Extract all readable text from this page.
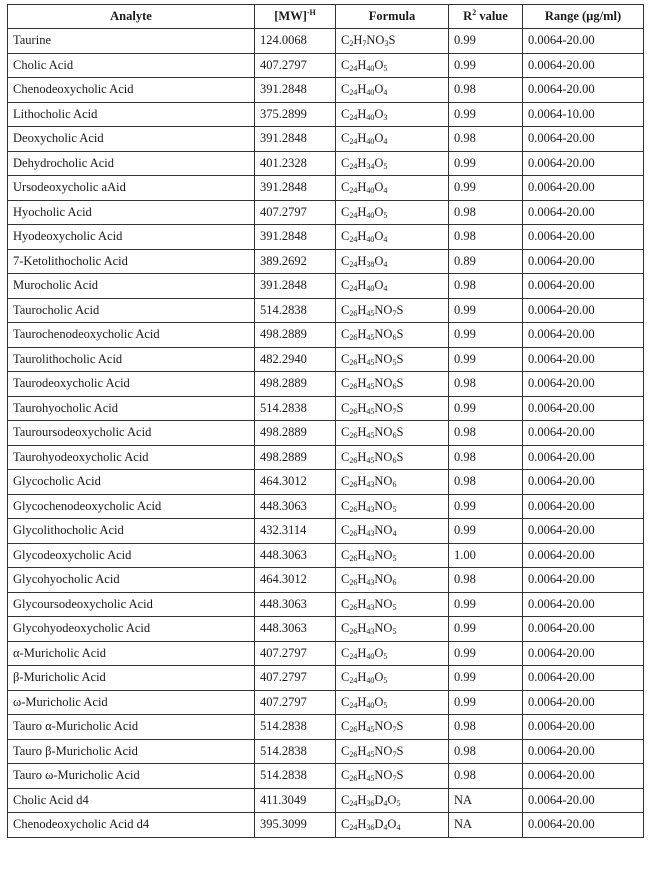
Analyte	[MW]$^{-H}$	Formula	$R^2$ value	Range (µg/ml)
Taurine	124.0068	$C_2H_7NO_3S$	0.99	0.0064-20.00
Cholic Acid	407.2797	$C_{24}H_{40}O_5$	0.99	0.0064-20.00
Chenodeoxycholic Acid	391.2848	$C_{24}H_{40}O_4$	0.98	0.0064-20.00
Lithocholic Acid	375.2899	$C_{24}H_{40}O_3$	0.99	0.0064-10.00
Deoxycholic Acid	391.2848	$C_{24}H_{40}O_4$	0.98	0.0064-20.00
Dehydrocholic Acid	401.2328	$C_{24}H_{34}O_5$	0.99	0.0064-20.00
Ursodeoxycholic aAid	391.2848	$C_{24}H_{40}O_4$	0.99	0.0064-20.00
Hyocholic Acid	407.2797	$C_{24}H_{40}O_5$	0.98	0.0064-20.00
Hyodeoxycholic Acid	391.2848	$C_{24}H_{40}O_4$	0.98	0.0064-20.00
7-Ketolithocholic Acid	389.2692	$C_{24}H_{38}O_4$	0.89	0.0064-20.00
Murocholic Acid	391.2848	$C_{24}H_{40}O_4$	0.98	0.0064-20.00
Taurocholic Acid	514.2838	$C_{26}H_{45}NO_7S$	0.99	0.0064-20.00
Taurochenodeoxycholic Acid	498.2889	$C_{26}H_{45}NO_6S$	0.99	0.0064-20.00
Taurolithocholic Acid	482.2940	$C_{26}H_{45}NO_5S$	0.99	0.0064-20.00
Taurodeoxycholic Acid	498.2889	$C_{26}H_{45}NO_6S$	0.98	0.0064-20.00
Taurohyocholic Acid	514.2838	$C_{26}H_{45}NO_7S$	0.99	0.0064-20.00
Tauroursodeoxycholic Acid	498.2889	$C_{26}H_{45}NO_6S$	0.98	0.0064-20.00
Taurohyodeoxycholic Acid	498.2889	$C_{26}H_{45}NO_6S$	0.98	0.0064-20.00
Glycocholic Acid	464.3012	$C_{26}H_{43}NO_6$	0.98	0.0064-20.00
Glycochenodeoxycholic Acid	448.3063	$C_{26}H_{43}NO_5$	0.99	0.0064-20.00
Glycolithocholic Acid	432.3114	$C_{26}H_{43}NO_4$	0.99	0.0064-20.00
Glycodeoxycholic Acid	448.3063	$C_{26}H_{43}NO_5$	1.00	0.0064-20.00
Glycohyocholic Acid	464.3012	$C_{26}H_{43}NO_6$	0.98	0.0064-20.00
Glycoursodeoxycholic Acid	448.3063	$C_{26}H_{43}NO_5$	0.99	0.0064-20.00
Glycohyodeoxycholic Acid	448.3063	$C_{26}H_{43}NO_5$	0.99	0.0064-20.00
α-Muricholic Acid	407.2797	$C_{24}H_{40}O_5$	0.99	0.0064-20.00
β-Muricholic Acid	407.2797	$C_{24}H_{40}O_5$	0.99	0.0064-20.00
ω-Muricholic Acid	407.2797	$C_{24}H_{40}O_5$	0.99	0.0064-20.00
Tauro α-Muricholic Acid	514.2838	$C_{26}H_{45}NO_7S$	0.98	0.0064-20.00
Tauro β-Muricholic Acid	514.2838	$C_{26}H_{45}NO_7S$	0.98	0.0064-20.00
Tauro ω-Muricholic Acid	514.2838	$C_{26}H_{45}NO_7S$	0.98	0.0064-20.00
Cholic Acid d4	411.3049	$C_{24}H_{36}D_4O_5$	NA	0.0064-20.00
Chenodeoxycholic Acid d4	395.3099	$C_{24}H_{36}D_4O_4$	NA	0.0064-20.00
